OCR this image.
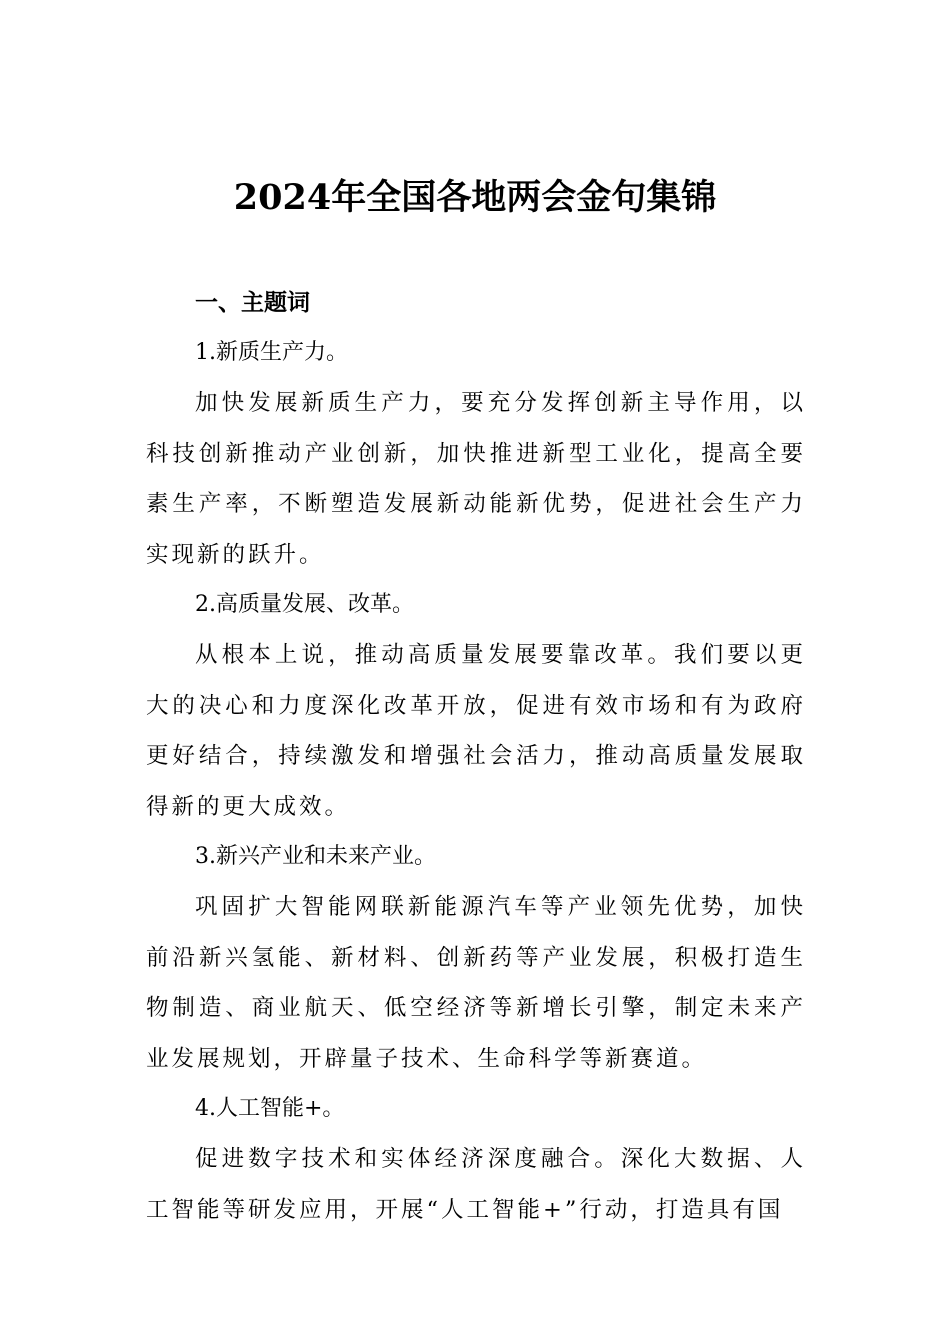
2024年全国各地两会金句集锦

一、主题词

1.新质生产力。

加快发展新质生产力，要充分发挥创新主导作用，以科技创新推动产业创新，加快推进新型工业化，提高全要素生产率，不断塑造发展新动能新优势，促进社会生产力实现新的跃升。

2.高质量发展、改革。

从根本上说，推动高质量发展要靠改革。我们要以更大的决心和力度深化改革开放，促进有效市场和有为政府更好结合，持续激发和增强社会活力，推动高质量发展取得新的更大成效。

3.新兴产业和未来产业。

巩固扩大智能网联新能源汽车等产业领先优势，加快前沿新兴氢能、新材料、创新药等产业发展，积极打造生物制造、商业航天、低空经济等新增长引擎，制定未来产业发展规划，开辟量子技术、生命科学等新赛道。

4.人工智能+。

促进数字技术和实体经济深度融合。深化大数据、人工智能等研发应用，开展“人工智能+”行动，打造具有国
